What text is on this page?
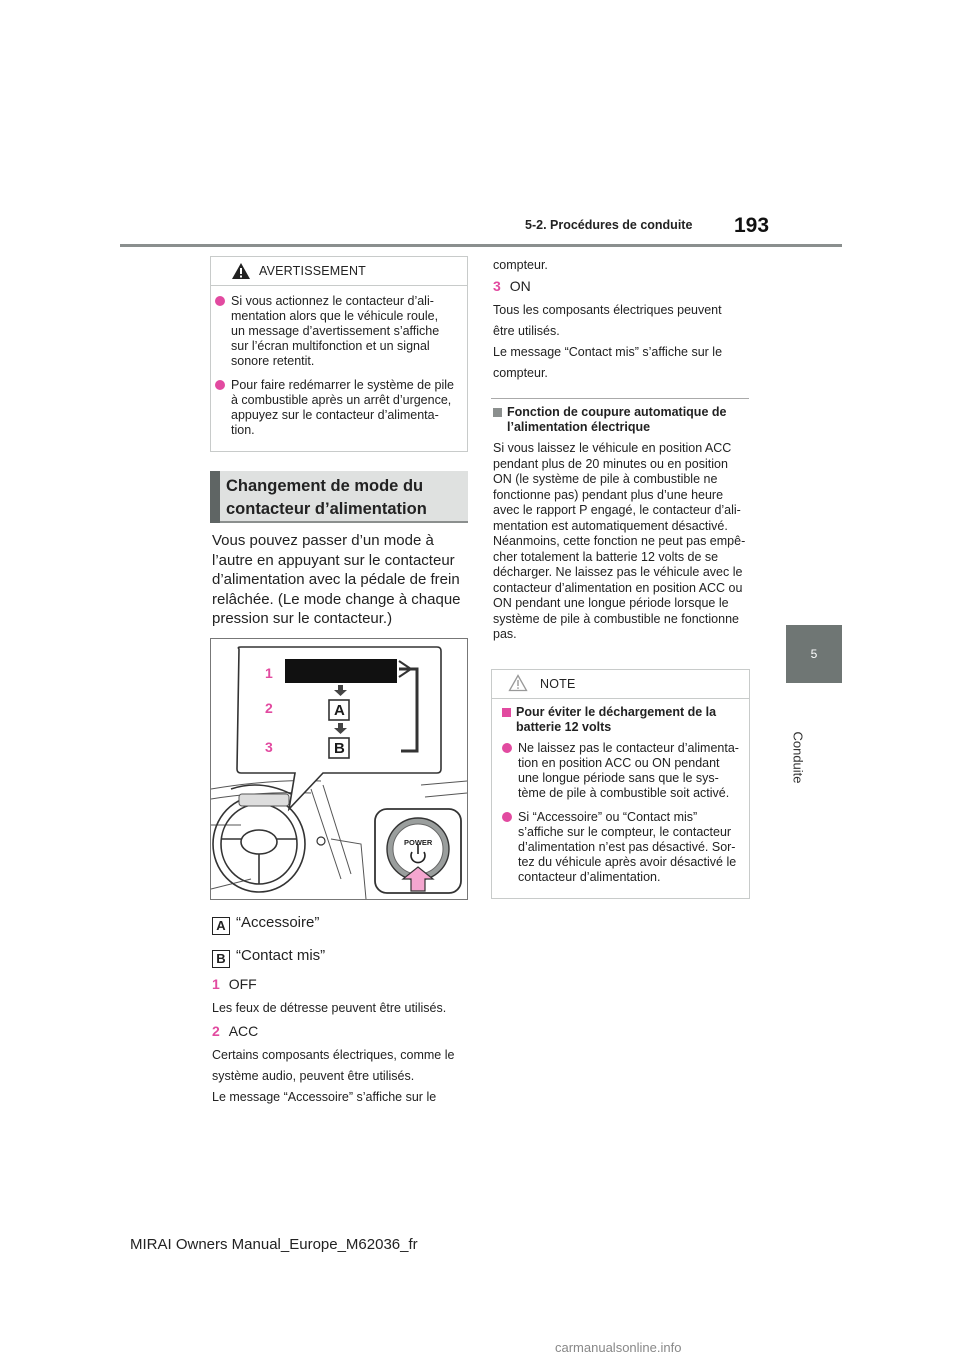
5-2. Procédures de conduite 193
5
Conduite
AVERTISSEMENT
Si vous actionnez le contacteur d’ali-
mentation alors que le véhicule roule,
un message d’avertissement s’affiche
sur l’écran multifonction et un signal
sonore retentit.
Pour faire redémarrer le système de pile
à combustible après un arrêt d’urgence,
appuyez sur le contacteur d’alimenta-
tion.
Changement de mode du
contacteur d’alimentation
Vous pouvez passer d’un mode à
l’autre en appuyant sur le contacteur
d’alimentation avec la pédale de frein
relâchée. (Le mode change à chaque
pression sur le contacteur.)
1
2
3
A
B
POWER
A “Accessoire”
B “Contact mis”
1 OFF
Les feux de détresse peuvent être utilisés.
2 ACC
Certains composants électriques, comme le
système audio, peuvent être utilisés.
Le message “Accessoire” s’affiche sur le
compteur.
3 ON
Tous les composants électriques peuvent
être utilisés.
Le message “Contact mis” s’affiche sur le
compteur.
Fonction de coupure automatique de
l’alimentation électrique
Si vous laissez le véhicule en position ACC
pendant plus de 20 minutes ou en position
ON (le système de pile à combustible ne
fonctionne pas) pendant plus d’une heure
avec le rapport P engagé, le contacteur d’ali-
mentation est automatiquement désactivé.
Néanmoins, cette fonction ne peut pas empê-
cher totalement la batterie 12 volts de se
décharger. Ne laissez pas le véhicule avec le
contacteur d’alimentation en position ACC ou
ON pendant une longue période lorsque le
système de pile à combustible ne fonctionne
pas.
NOTE
Pour éviter le déchargement de la
batterie 12 volts
Ne laissez pas le contacteur d’alimenta-
tion en position ACC ou ON pendant
une longue période sans que le sys-
tème de pile à combustible soit activé.
Si “Accessoire” ou “Contact mis”
s’affiche sur le compteur, le contacteur
d’alimentation n’est pas désactivé. Sor-
tez du véhicule après avoir désactivé le
contacteur d’alimentation.
MIRAI Owners Manual_Europe_M62036_fr
carmanualsonline.info
